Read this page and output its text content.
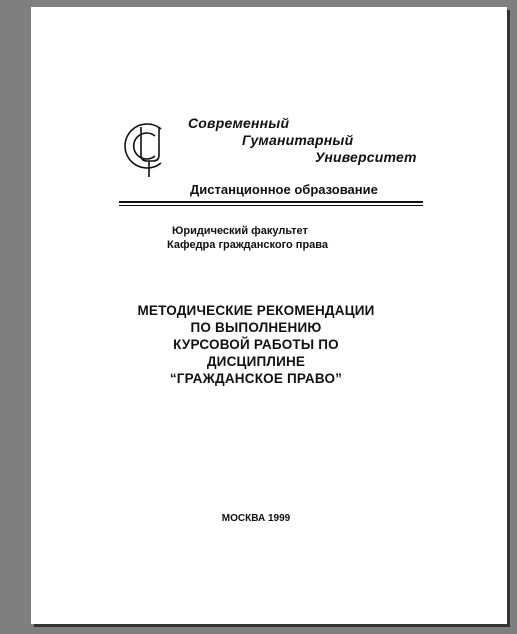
Современный
Гуманитарный
Университет
Дистанционное образование
Юридический факультет
Кафедра гражданского права
МЕТОДИЧЕСКИЕ РЕКОМЕНДАЦИИ
ПО ВЫПОЛНЕНИЮ
КУРСОВОЙ РАБОТЫ ПО
ДИСЦИПЛИНЕ
“ГРАЖДАНСКОЕ ПРАВО”
МОСКВА 1999
